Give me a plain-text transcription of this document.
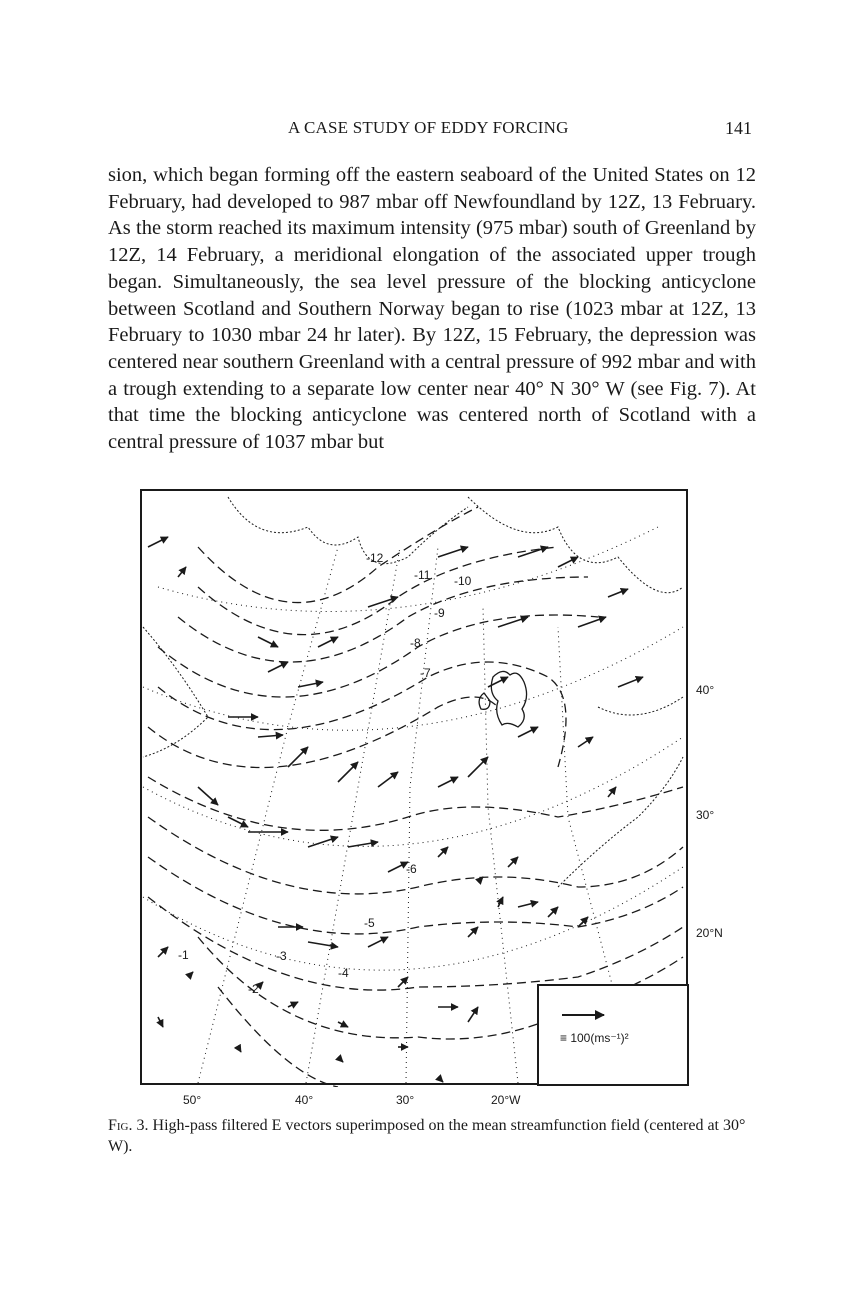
A CASE STUDY OF EDDY FORCING	141

sion, which began forming off the eastern seaboard of the United States on 12 February, had developed to 987 mbar off Newfoundland by 12Z, 13 February. As the storm reached its maximum intensity (975 mbar) south of Greenland by 12Z, 14 February, a meridional elongation of the associated upper trough began. Simultaneously, the sea level pressure of the blocking anticyclone between Scotland and Southern Norway began to rise (1023 mbar at 12Z, 13 February to 1030 mbar 24 hr later). By 12Z, 15 February, the depression was centered near southern Greenland with a central pressure of 992 mbar and with a trough extending to a separate low center near 40° N 30° W (see Fig. 7). At that time the blocking anticyclone was centered north of Scotland with a central pressure of 1037 mbar but

-12
-11 -10
-9
-8
-7
-6
-5
-4
-3
-2
-1
≡ 100(ms⁻¹)²
40°
30°
20°N
50°	40°	30°	20°W
Fig. 3. High-pass filtered E vectors superimposed on the mean streamfunction field (centered at 30° W).
